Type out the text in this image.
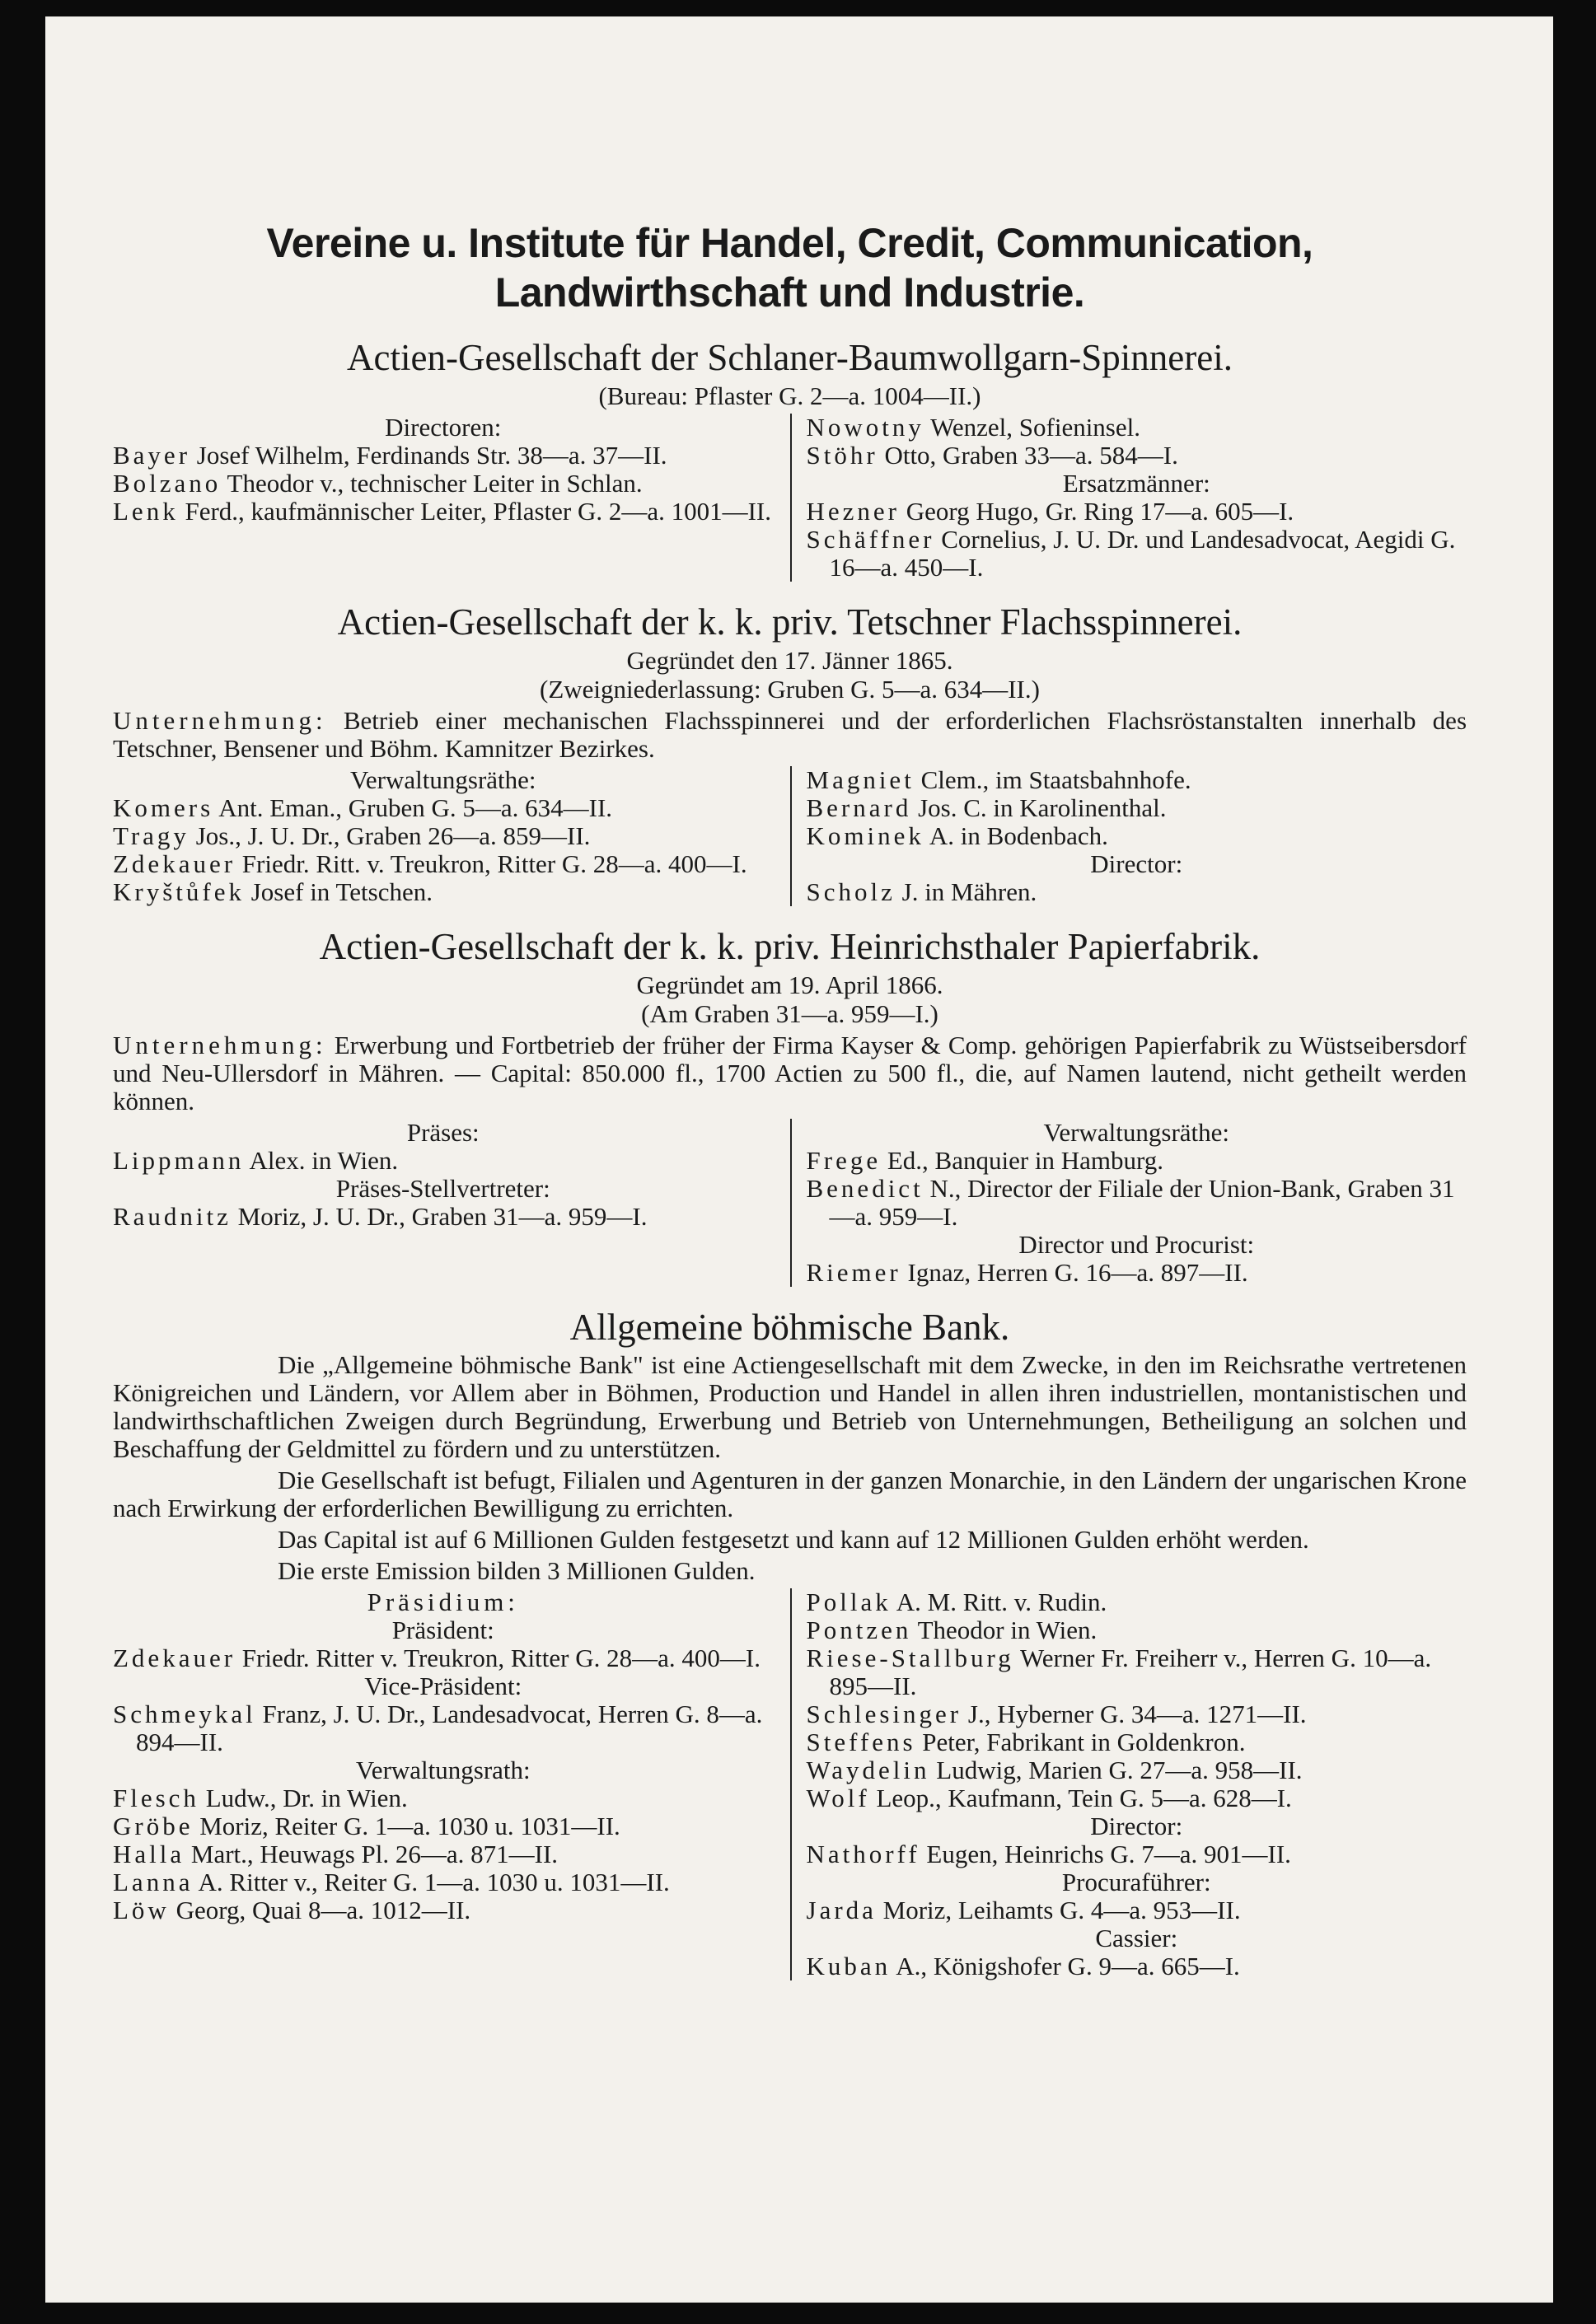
Vereine u. Institute für Handel, Credit, Communication, Landwirthschaft und Industrie.
Actien-Gesellschaft der Schlaner-Baumwollgarn-Spinnerei.
(Bureau: Pflaster G. 2—a. 1004—II.)
Directoren:
Bayer Josef Wilhelm, Ferdinands Str. 38—a. 37—II.
Bolzano Theodor v., technischer Leiter in Schlan.
Lenk Ferd., kaufmännischer Leiter, Pflaster G. 2—a. 1001—II.
Nowotny Wenzel, Sofieninsel.
Stöhr Otto, Graben 33—a. 584—I.
Ersatzmänner:
Hezner Georg Hugo, Gr. Ring 17—a. 605—I.
Schäffner Cornelius, J. U. Dr. und Landesadvocat, Aegidi G. 16—a. 450—I.
Actien-Gesellschaft der k. k. priv. Tetschner Flachsspinnerei.
Gegründet den 17. Jänner 1865.
(Zweigniederlassung: Gruben G. 5—a. 634—II.)
Unternehmung: Betrieb einer mechanischen Flachsspinnerei und der erforderlichen Flachsröstanstalten innerhalb des Tetschner, Bensener und Böhm. Kamnitzer Bezirkes.
Verwaltungsräthe:
Komers Ant. Eman., Gruben G. 5—a. 634—II.
Tragy Jos., J. U. Dr., Graben 26—a. 859—II.
Zdekauer Friedr. Ritt. v. Treukron, Ritter G. 28—a. 400—I.
Kryštůfek Josef in Tetschen.
Magniet Clem., im Staatsbahnhofe.
Bernard Jos. C. in Karolinenthal.
Kominek A. in Bodenbach.
Director:
Scholz J. in Mähren.
Actien-Gesellschaft der k. k. priv. Heinrichsthaler Papierfabrik.
Gegründet am 19. April 1866.
(Am Graben 31—a. 959—I.)
Unternehmung: Erwerbung und Fortbetrieb der früher der Firma Kayser & Comp. gehörigen Papierfabrik zu Wüstseibersdorf und Neu-Ullersdorf in Mähren. — Capital: 850.000 fl., 1700 Actien zu 500 fl., die, auf Namen lautend, nicht getheilt werden können.
Präses:
Lippmann Alex. in Wien.
Präses-Stellvertreter:
Raudnitz Moriz, J. U. Dr., Graben 31—a. 959—I.
Verwaltungsräthe:
Frege Ed., Banquier in Hamburg.
Benedict N., Director der Filiale der Union-Bank, Graben 31—a. 959—I.
Director und Procurist:
Riemer Ignaz, Herren G. 16—a. 897—II.
Allgemeine böhmische Bank.
Die „Allgemeine böhmische Bank" ist eine Actiengesellschaft mit dem Zwecke, in den im Reichsrathe vertretenen Königreichen und Ländern, vor Allem aber in Böhmen, Production und Handel in allen ihren industriellen, montanistischen und landwirthschaftlichen Zweigen durch Begründung, Erwerbung und Betrieb von Unternehmungen, Betheiligung an solchen und Beschaffung der Geldmittel zu fördern und zu unterstützen.
Die Gesellschaft ist befugt, Filialen und Agenturen in der ganzen Monarchie, in den Ländern der ungarischen Krone nach Erwirkung der erforderlichen Bewilligung zu errichten.
Das Capital ist auf 6 Millionen Gulden festgesetzt und kann auf 12 Millionen Gulden erhöht werden.
Die erste Emission bilden 3 Millionen Gulden.
Präsidium:
Präsident:
Zdekauer Friedr. Ritter v. Treukron, Ritter G. 28—a. 400—I.
Vice-Präsident:
Schmeykal Franz, J. U. Dr., Landesadvocat, Herren G. 8—a. 894—II.
Verwaltungsrath:
Flesch Ludw., Dr. in Wien.
Gröbe Moriz, Reiter G. 1—a. 1030 u. 1031—II.
Halla Mart., Heuwags Pl. 26—a. 871—II.
Lanna A. Ritter v., Reiter G. 1—a. 1030 u. 1031—II.
Löw Georg, Quai 8—a. 1012—II.
Pollak A. M. Ritt. v. Rudin.
Pontzen Theodor in Wien.
Riese-Stallburg Werner Fr. Freiherr v., Herren G. 10—a. 895—II.
Schlesinger J., Hyberner G. 34—a. 1271—II.
Steffens Peter, Fabrikant in Goldenkron.
Waydelin Ludwig, Marien G. 27—a. 958—II.
Wolf Leop., Kaufmann, Tein G. 5—a. 628—I.
Director:
Nathorff Eugen, Heinrichs G. 7—a. 901—II.
Procuraführer:
Jarda Moriz, Leihamts G. 4—a. 953—II.
Cassier:
Kuban A., Königshofer G. 9—a. 665—I.
